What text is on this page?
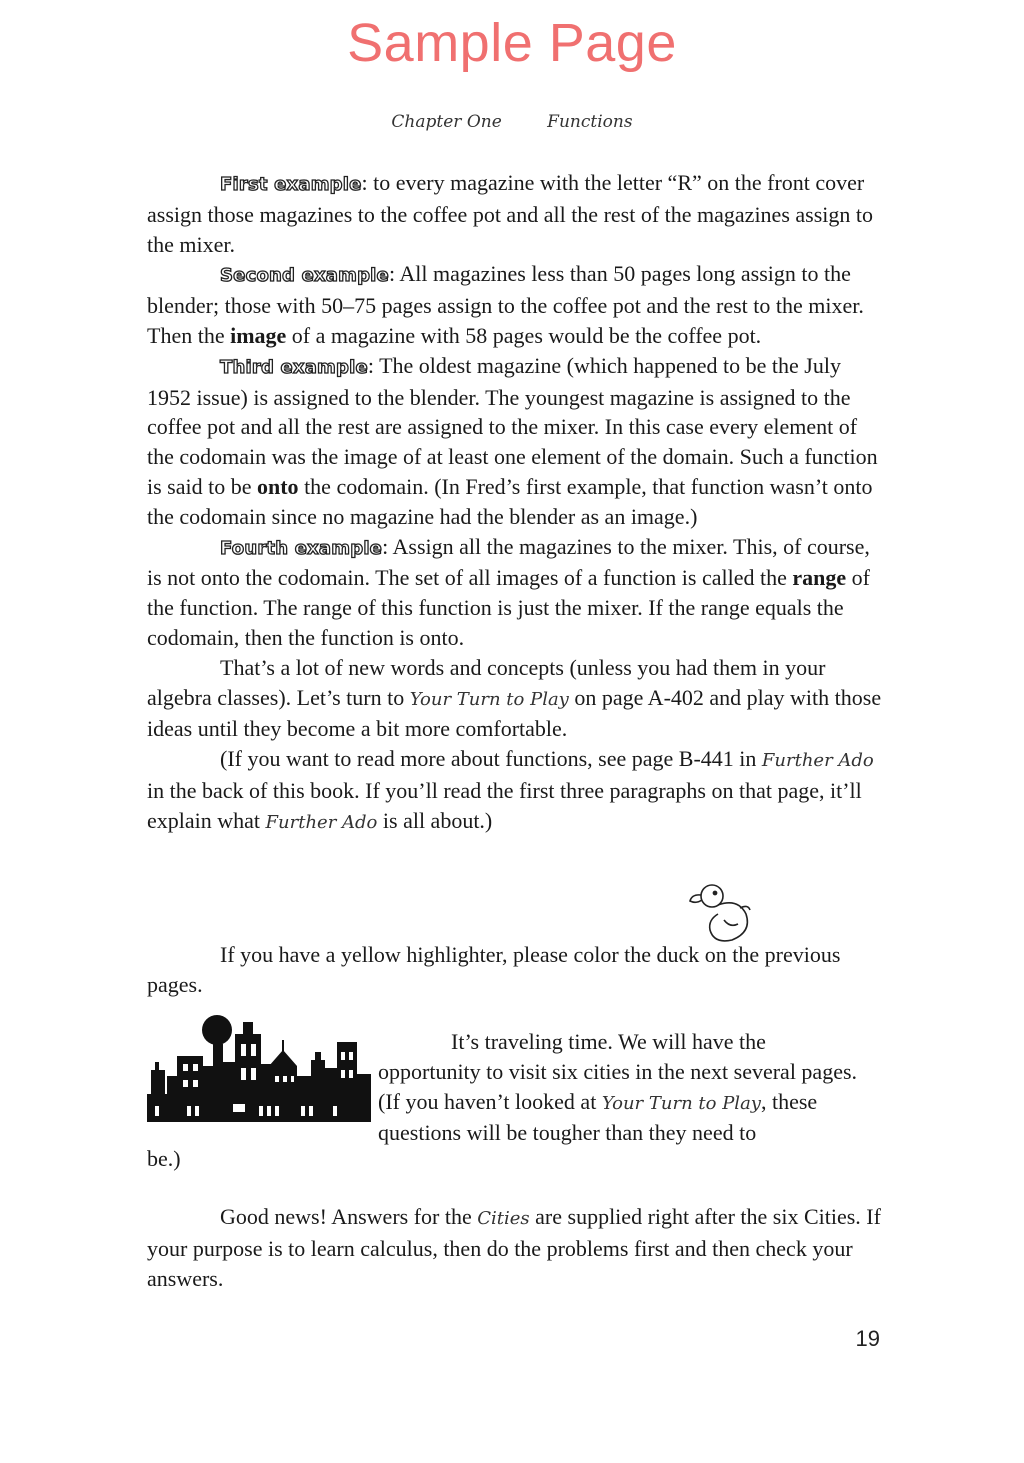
Sample Page
Chapter One	Functions

First example: to every magazine with the letter “R” on the front cover assign those magazines to the coffee pot and all the rest of the magazines assign to the mixer.

Second example: All magazines less than 50 pages long assign to the blender; those with 50–75 pages assign to the coffee pot and the rest to the mixer. Then the image of a magazine with 58 pages would be the coffee pot.

Third example: The oldest magazine (which happened to be the July 1952 issue) is assigned to the blender. The youngest magazine is assigned to the coffee pot and all the rest are assigned to the mixer. In this case every element of the codomain was the image of at least one element of the domain. Such a function is said to be onto the codomain. (In Fred’s first example, that function wasn’t onto the codomain since no magazine had the blender as an image.)

Fourth example: Assign all the magazines to the mixer. This, of course, is not onto the codomain. The set of all images of a function is called the range of the function. The range of this function is just the mixer. If the range equals the codomain, then the function is onto.

That’s a lot of new words and concepts (unless you had them in your algebra classes). Let’s turn to Your Turn to Play on page A-402 and play with those ideas until they become a bit more comfortable.

(If you want to read more about functions, see page B-441 in Further Ado in the back of this book. If you’ll read the first three paragraphs on that page, it’ll explain what Further Ado is all about.)

If you have a yellow highlighter, please color the duck on the previous pages.

It’s traveling time. We will have the opportunity to visit six cities in the next several pages. (If you haven’t looked at Your Turn to Play, these questions will be tougher than they need to

be.)

Good news! Answers for the Cities are supplied right after the six Cities. If your purpose is to learn calculus, then do the problems first and then check your answers.

19
